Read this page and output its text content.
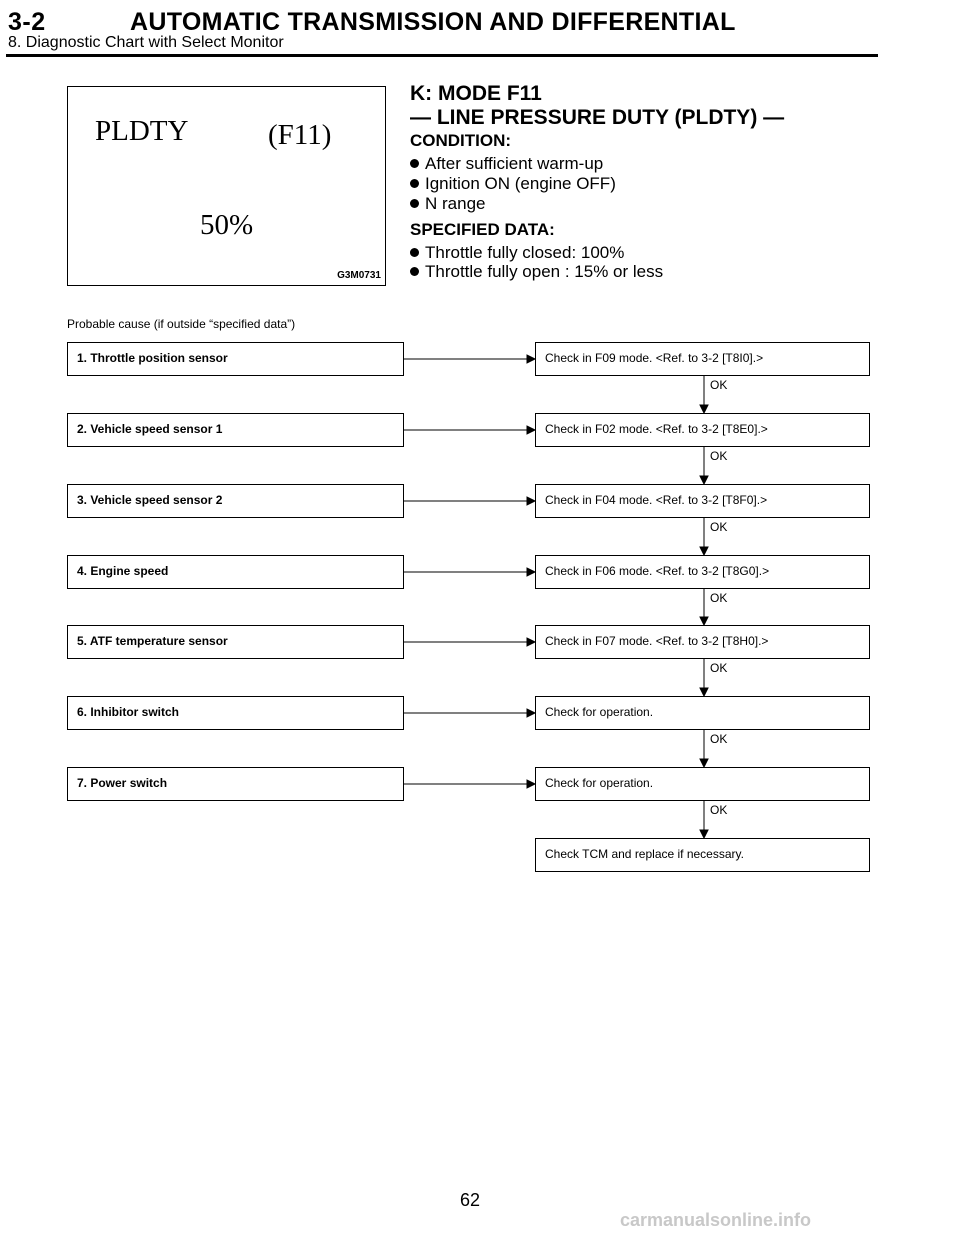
3-2	AUTOMATIC TRANSMISSION AND DIFFERENTIAL
8. Diagnostic Chart with Select Monitor
PLDTY	(F11)
50%
G3M0731
K: MODE F11
— LINE PRESSURE DUTY (PLDTY) —
CONDITION:
After sufficient warm-up
Ignition ON (engine OFF)
N range
SPECIFIED DATA:
Throttle fully closed: 100%
Throttle fully open : 15% or less
Probable cause (if outside “specified data”)
1. Throttle position sensor	Check in F09 mode. <Ref. to 3-2 [T8I0].>
OK
2. Vehicle speed sensor 1	Check in F02 mode. <Ref. to 3-2 [T8E0].>
OK
3. Vehicle speed sensor 2	Check in F04 mode. <Ref. to 3-2 [T8F0].>
OK
4. Engine speed	Check in F06 mode. <Ref. to 3-2 [T8G0].>
OK
5. ATF temperature sensor	Check in F07 mode. <Ref. to 3-2 [T8H0].>
OK
6. Inhibitor switch	Check for operation.
OK
7. Power switch	Check for operation.
OK
Check TCM and replace if necessary.
62
carmanualsonline.info
